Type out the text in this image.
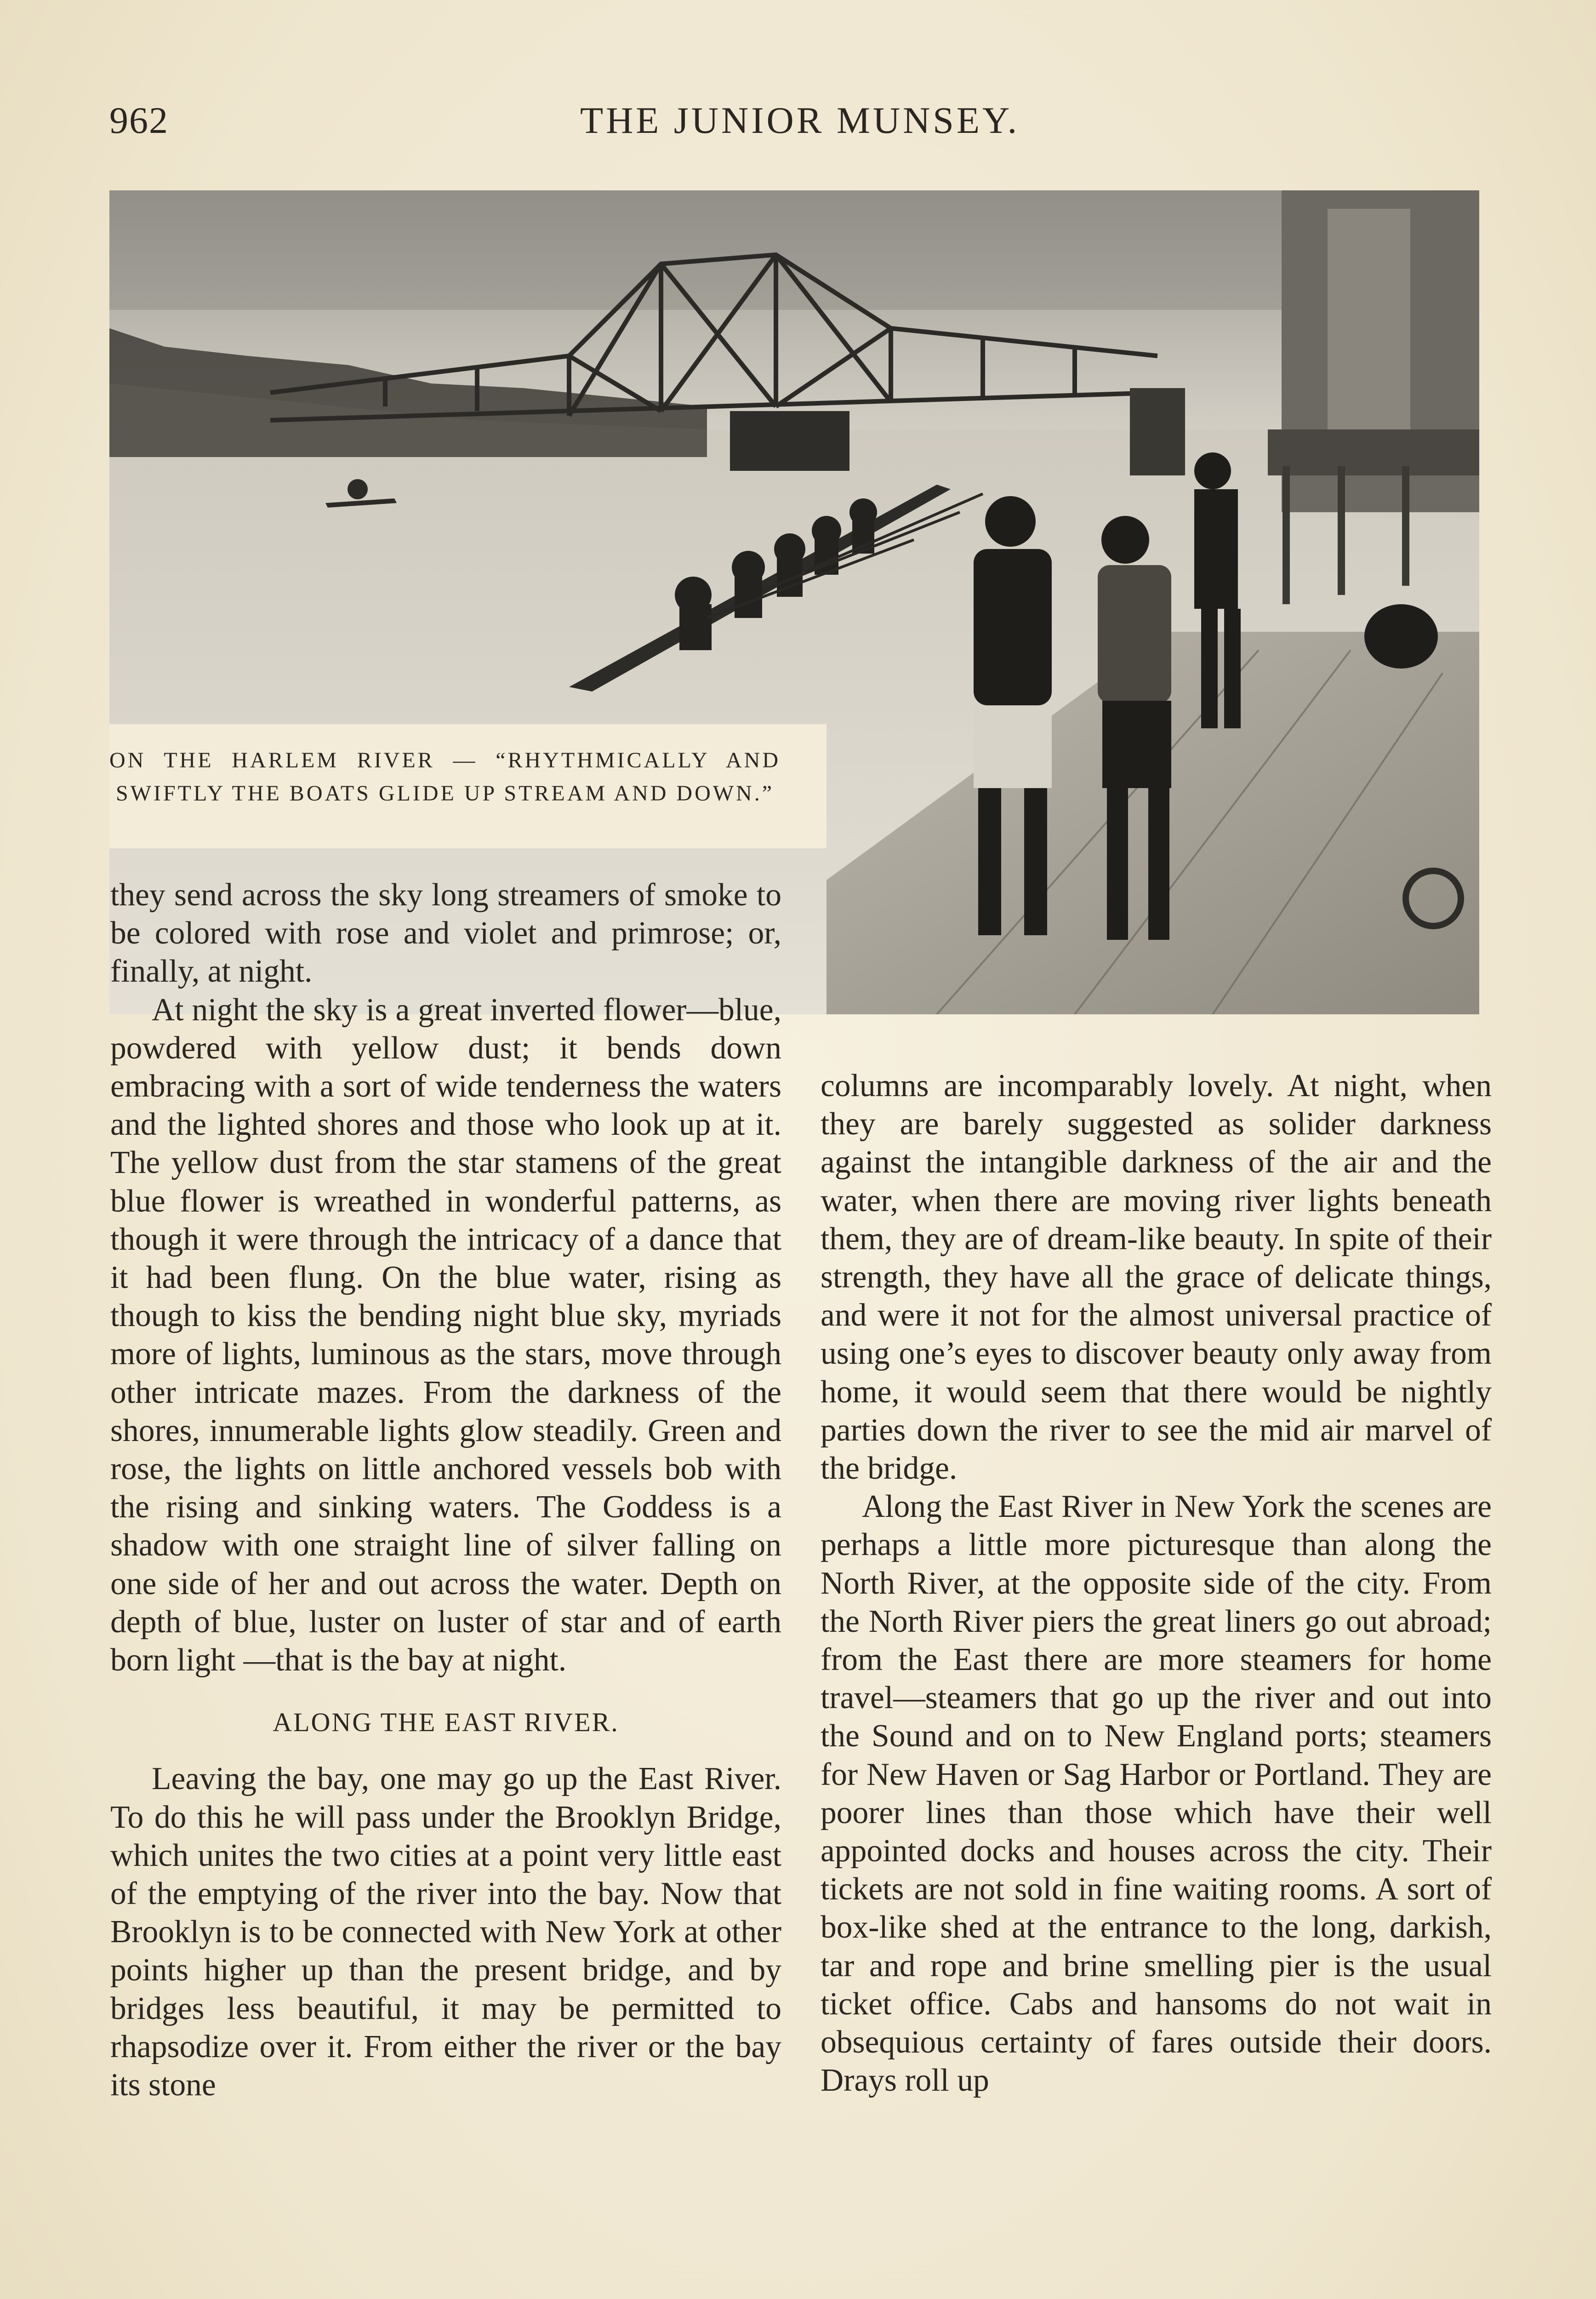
962	THE JUNIOR MUNSEY.
ON THE HARLEM RIVER — “RHYTHMICALLY AND SWIFTLY THE BOATS GLIDE UP STREAM AND DOWN.”

they send across the sky long streamers of smoke to be colored with rose and violet and primrose; or, finally, at night.

At night the sky is a great inverted flower—blue, powdered with yellow dust; it bends down embracing with a sort of wide tenderness the waters and the lighted shores and those who look up at it. The yellow dust from the star stamens of the great blue flower is wreathed in wonderful patterns, as though it were through the intricacy of a dance that it had been flung. On the blue water, rising as though to kiss the bending night blue sky, myriads more of lights, luminous as the stars, move through other intricate mazes. From the darkness of the shores, innumerable lights glow steadily. Green and rose, the lights on little anchored vessels bob with the rising and sinking waters. The Goddess is a shadow with one straight line of silver falling on one side of her and out across the water. Depth on depth of blue, luster on luster of star and of earth born light —that is the bay at night.

ALONG THE EAST RIVER.

Leaving the bay, one may go up the East River. To do this he will pass under the Brooklyn Bridge, which unites the two cities at a point very little east of the emptying of the river into the bay. Now that Brooklyn is to be connected with New York at other points higher up than the present bridge, and by bridges less beautiful, it may be permitted to rhapsodize over it. From either the river or the bay its stone

columns are incomparably lovely. At night, when they are barely suggested as solider darkness against the intangible darkness of the air and the water, when there are moving river lights beneath them, they are of dream-like beauty. In spite of their strength, they have all the grace of delicate things, and were it not for the almost universal practice of using one’s eyes to discover beauty only away from home, it would seem that there would be nightly parties down the river to see the mid air marvel of the bridge.

Along the East River in New York the scenes are perhaps a little more picturesque than along the North River, at the opposite side of the city. From the North River piers the great liners go out abroad; from the East there are more steamers for home travel—steamers that go up the river and out into the Sound and on to New England ports; steamers for New Haven or Sag Harbor or Portland. They are poorer lines than those which have their well appointed docks and houses across the city. Their tickets are not sold in fine waiting rooms. A sort of box-like shed at the entrance to the long, darkish, tar and rope and brine smelling pier is the usual ticket office. Cabs and hansoms do not wait in obsequious certainty of fares outside their doors. Drays roll up
